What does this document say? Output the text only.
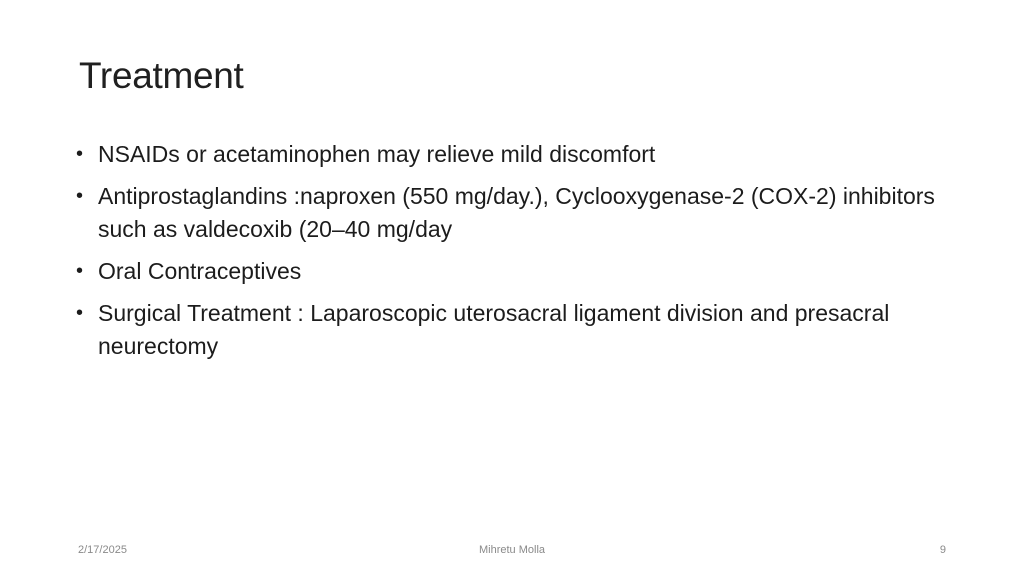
Treatment
• NSAIDs or acetaminophen may relieve mild discomfort
• Antiprostaglandins :naproxen (550 mg/day.), Cyclooxygenase-2 (COX-2) inhibitors such as valdecoxib (20–40 mg/day
• Oral Contraceptives
• Surgical Treatment : Laparoscopic uterosacral ligament division and presacral neurectomy
2/17/2025	Mihretu Molla	9
